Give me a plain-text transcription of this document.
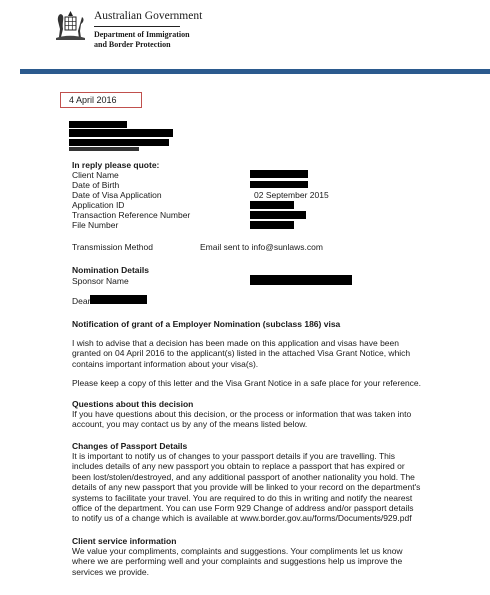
Australian Government
Department of Immigration
and Border Protection
4 April 2016
In reply please quote:
Client Name
Date of Birth
Date of Visa Application
Application ID
Transaction Reference Number
File Number
02 September 2015
Transmission Method	Email sent to info@sunlaws.com
Nomination Details
Sponsor Name
Dear
Notification of grant of a Employer Nomination (subclass 186) visa
I wish to advise that a decision has been made on this application and visas have been
granted on 04 April 2016 to the applicant(s) listed in the attached Visa Grant Notice, which
contains important information about your visa(s).
Please keep a copy of this letter and the Visa Grant Notice in a safe place for your reference.
Questions about this decision
If you have questions about this decision, or the process or information that was taken into
account, you may contact us by any of the means listed below.
Changes of Passport Details
It is important to notify us of changes to your passport details if you are travelling. This
includes details of any new passport you obtain to replace a passport that has expired or
been lost/stolen/destroyed, and any additional passport of another nationality you hold. The
details of any new passport that you provide will be linked to your record on the department's
systems to facilitate your travel. You are required to do this in writing and notify the nearest
office of the department. You can use Form 929 Change of address and/or passport details
to notify us of a change which is available at www.border.gov.au/forms/Documents/929.pdf
Client service information
We value your compliments, complaints and suggestions. Your compliments let us know
where we are performing well and your complaints and suggestions help us improve the
services we provide.
